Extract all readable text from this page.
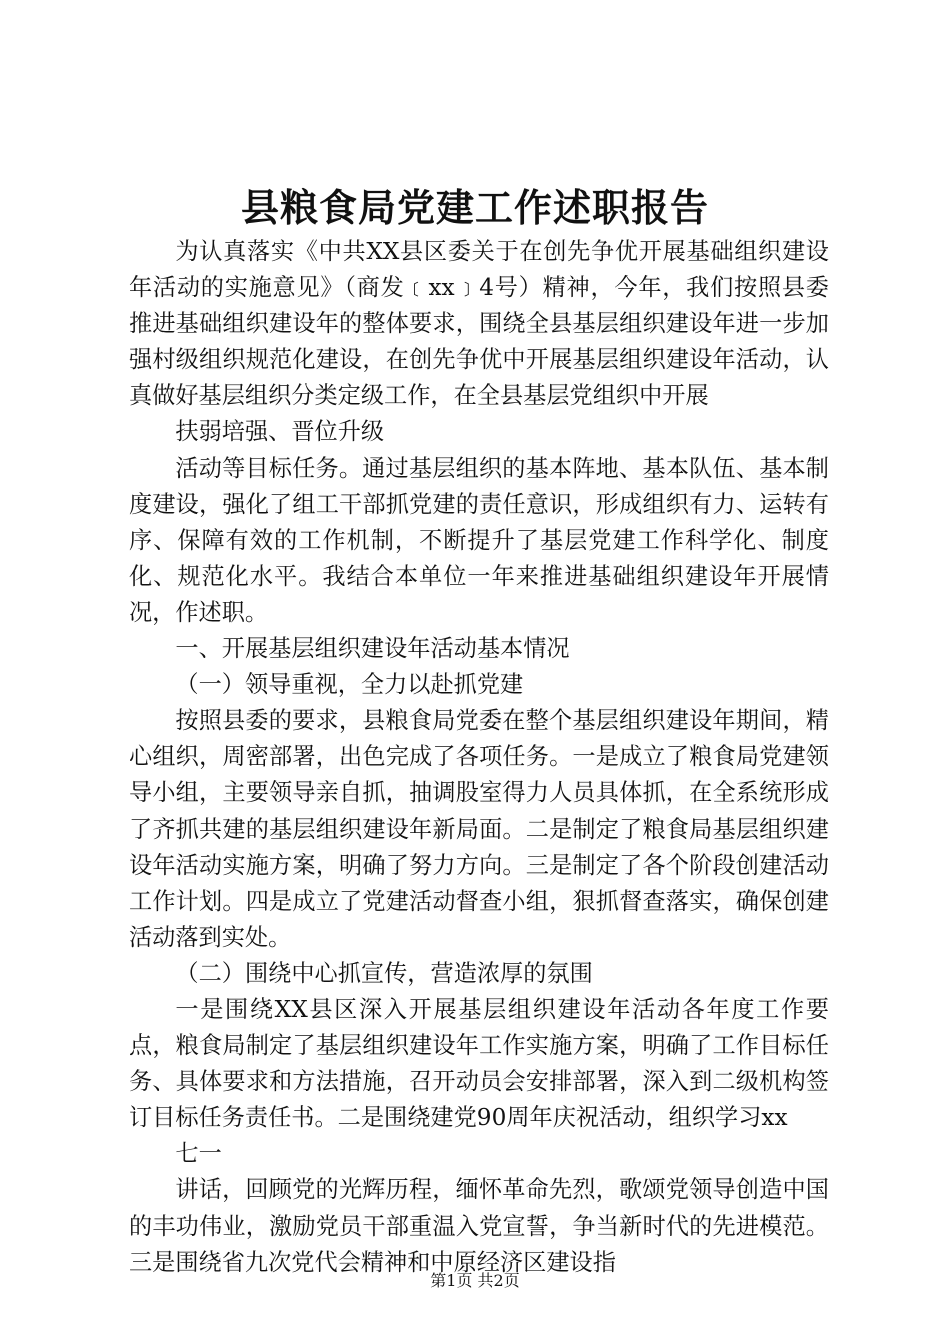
县粮食局党建工作述职报告

为认真落实《中共XX县区委关于在创先争优开展基础组织建设年活动的实施意见》（商发﹝xx﹞4号）精神，今年，我们按照县委推进基础组织建设年的整体要求，围绕全县基层组织建设年进一步加强村级组织规范化建设，在创先争优中开展基层组织建设年活动，认真做好基层组织分类定级工作，在全县基层党组织中开展

扶弱培强、晋位升级

活动等目标任务。通过基层组织的基本阵地、基本队伍、基本制度建设，强化了组工干部抓党建的责任意识，形成组织有力、运转有序、保障有效的工作机制，不断提升了基层党建工作科学化、制度化、规范化水平。我结合本单位一年来推进基础组织建设年开展情况，作述职。

一、开展基层组织建设年活动基本情况

（一）领导重视，全力以赴抓党建

按照县委的要求，县粮食局党委在整个基层组织建设年期间，精心组织，周密部署，出色完成了各项任务。一是成立了粮食局党建领导小组，主要领导亲自抓，抽调股室得力人员具体抓，在全系统形成了齐抓共建的基层组织建设年新局面。二是制定了粮食局基层组织建设年活动实施方案，明确了努力方向。三是制定了各个阶段创建活动工作计划。四是成立了党建活动督查小组，狠抓督查落实，确保创建活动落到实处。

（二）围绕中心抓宣传，营造浓厚的氛围

一是围绕XX县区深入开展基层组织建设年活动各年度工作要点，粮食局制定了基层组织建设年工作实施方案，明确了工作目标任务、具体要求和方法措施，召开动员会安排部署，深入到二级机构签订目标任务责任书。二是围绕建党90周年庆祝活动，组织学习xx

七一

讲话，回顾党的光辉历程，缅怀革命先烈，歌颂党领导创造中国的丰功伟业，激励党员干部重温入党宣誓，争当新时代的先进模范。三是围绕省九次党代会精神和中原经济区建设指

第1页 共2页
